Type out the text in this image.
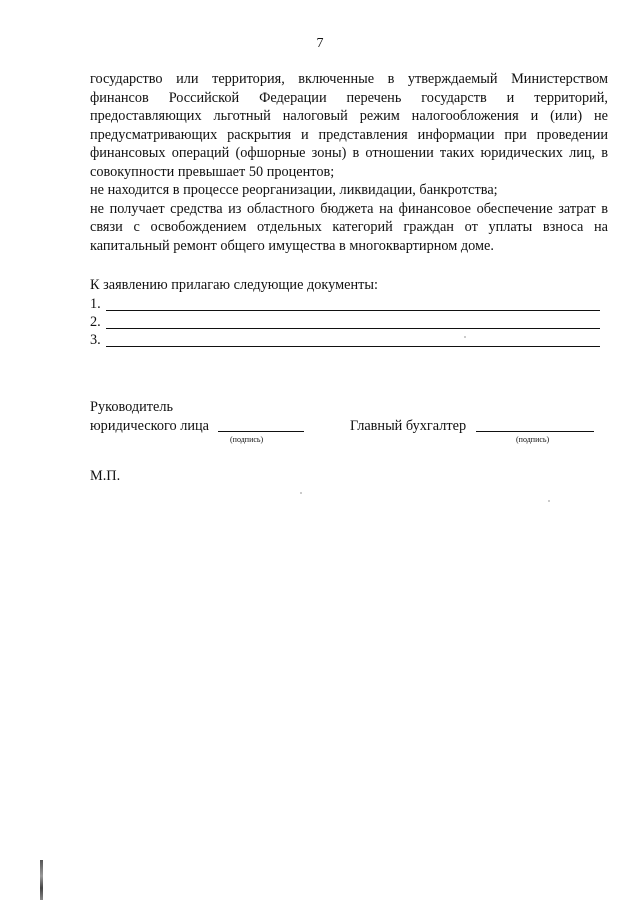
7

государство или территория, включенные в утверждаемый Министерством финансов Российской Федерации перечень государств и территорий, предоставляющих льготный налоговый режим налогообложения и (или) не предусматривающих раскрытия и представления информации при проведении финансовых операций (офшорные зоны) в отношении таких юридических лиц, в совокупности превышает 50 процентов;

не находится в процессе реорганизации, ликвидации, банкротства;

не получает средства из областного бюджета на финансовое обеспечение затрат в связи с освобождением отдельных категорий граждан от уплаты взноса на капитальный ремонт общего имущества в многоквартирном доме.

К заявлению прилагаю следующие документы:

1.
2.
3.
Руководитель
юридического лица
(подпись)
Главный бухгалтер
(подпись)
М.П.
